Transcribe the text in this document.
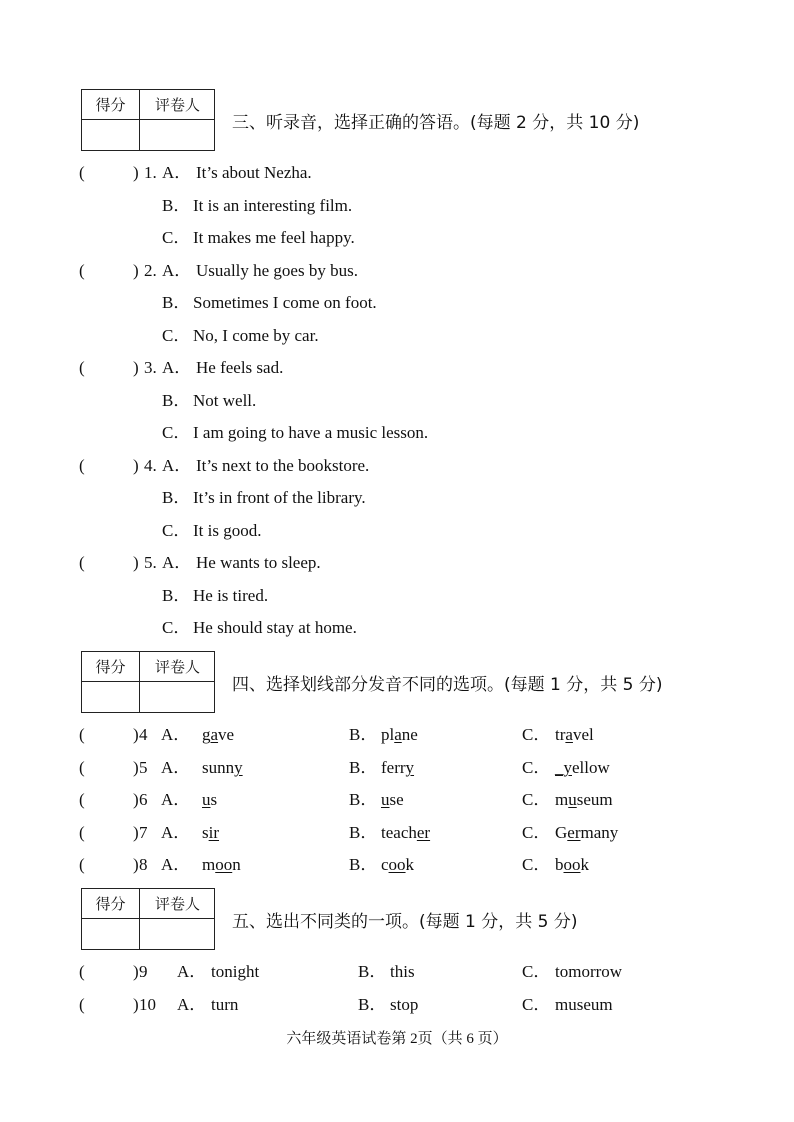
得分	评卷人
三、听录音，选择正确的答语。(每题 2 分，共 10 分)
(	) 1. A． It’s about Nezha.
B． It is an interesting film.
C． It makes me feel happy.
(	) 2. A． Usually he goes by bus.
B． Sometimes I come on foot.
C． No, I come by car.
(	) 3. A． He feels sad.
B． Not well.
C． I am going to have a music lesson.
(	) 4. A． It’s next to the bookstore.
B． It’s in front of the library.
C． It is good.
(	) 5. A． He wants to sleep.
B． He is tired.
C． He should stay at home.
得分	评卷人
四、选择划线部分发音不同的选项。(每题 1 分，共 5 分)
(	) 4 A． gave	B． plane	C． travel
(	) 5 A． sunny	B． ferry	C． _yellow
(	) 6 A． us	B． use	C． museum
(	) 7 A． sir	B． teacher	C． Germany
(	) 8 A． moon	B． cook	C． book
得分	评卷人
五、选出不同类的一项。(每题 1 分，共 5 分)
(	) 9 A． tonight	B． this	C． tomorrow
(	) 10 A． turn	B． stop	C． museum
六年级英语试卷第 2页（共 6 页）
